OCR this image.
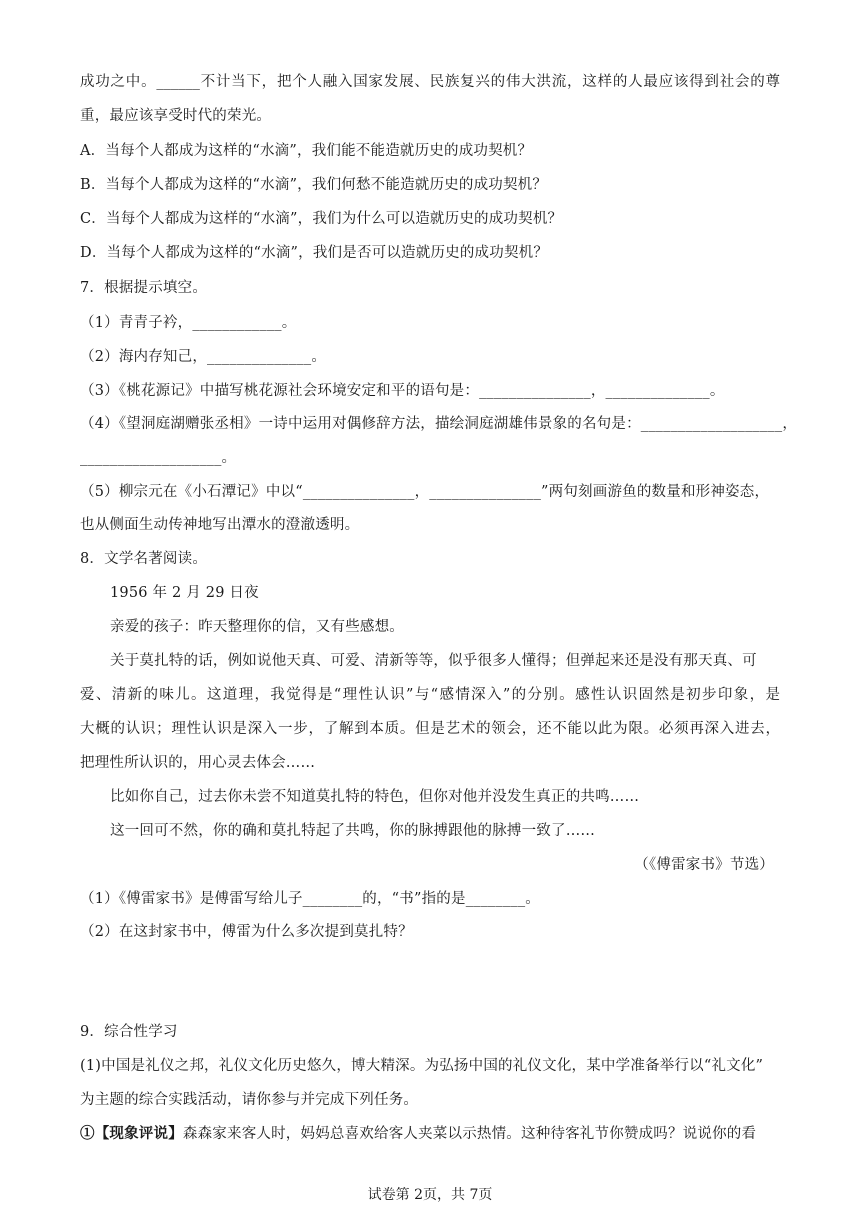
成功之中。______不计当下，把个人融入国家发展、民族复兴的伟大洪流，这样的人最应该得到社会的尊
重，最应该享受时代的荣光。
A．当每个人都成为这样的“水滴”，我们能不能造就历史的成功契机？
B．当每个人都成为这样的“水滴”，我们何愁不能造就历史的成功契机？
C．当每个人都成为这样的“水滴”，我们为什么可以造就历史的成功契机？
D．当每个人都成为这样的“水滴”，我们是否可以造就历史的成功契机？
7．根据提示填空。
（1）青青子衿，____________。
（2）海内存知己，______________。
（3）《桃花源记》中描写桃花源社会环境安定和平的语句是：_______________，______________。
（4）《望洞庭湖赠张丞相》一诗中运用对偶修辞方法，描绘洞庭湖雄伟景象的名句是：___________________，
___________________。
（5）柳宗元在《小石潭记》中以“_______________，_______________”两句刻画游鱼的数量和形神姿态，
也从侧面生动传神地写出潭水的澄澈透明。
8．文学名著阅读。
1956 年 2 月 29 日夜
亲爱的孩子：昨天整理你的信，又有些感想。
关于莫扎特的话，例如说他天真、可爱、清新等等，似乎很多人懂得；但弹起来还是没有那天真、可
爱、清新的味儿。这道理，我觉得是“理性认识”与“感情深入”的分别。感性认识固然是初步印象，是
大概的认识；理性认识是深入一步，了解到本质。但是艺术的领会，还不能以此为限。必须再深入进去，
把理性所认识的，用心灵去体会……
比如你自己，过去你未尝不知道莫扎特的特色，但你对他并没发生真正的共鸣……
这一回可不然，你的确和莫扎特起了共鸣，你的脉搏跟他的脉搏一致了……
（《傅雷家书》节选）
（1）《傅雷家书》是傅雷写给儿子________的，“书”指的是________。
（2）在这封家书中，傅雷为什么多次提到莫扎特？
9．综合性学习
(1)中国是礼仪之邦，礼仪文化历史悠久，博大精深。为弘扬中国的礼仪文化，某中学准备举行以“礼文化”
为主题的综合实践活动，请你参与并完成下列任务。
①【现象评说】森森家来客人时，妈妈总喜欢给客人夹菜以示热情。这种待客礼节你赞成吗？说说你的看
试卷第 2页，共 7页
